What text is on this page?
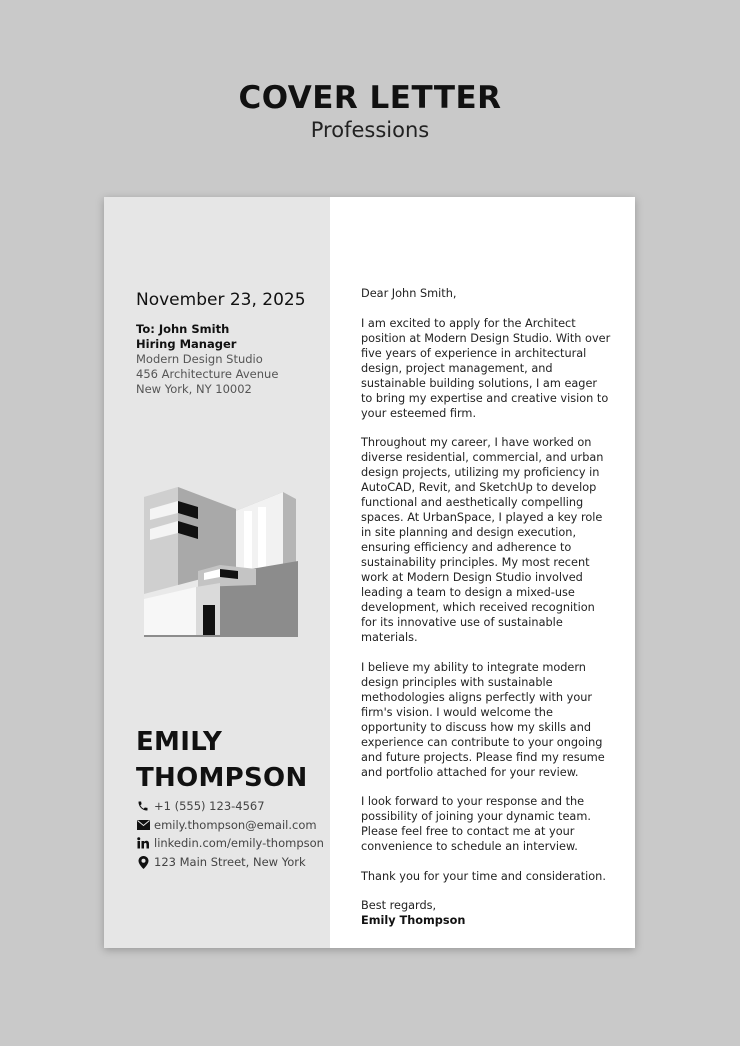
COVER LETTER
Professions
November 23, 2025
To: John Smith
Hiring Manager
Modern Design Studio
456 Architecture Avenue
New York, NY 10002
EMILY
THOMPSON
+1 (555) 123-4567
emily.thompson@email.com
linkedin.com/emily-thompson
123 Main Street, New York

Dear John Smith,

I am excited to apply for the Architect position at Modern Design Studio. With over five years of experience in architectural design, project management, and sustainable building solutions, I am eager to bring my expertise and creative vision to your esteemed firm.

Throughout my career, I have worked on diverse residential, commercial, and urban design projects, utilizing my proficiency in AutoCAD, Revit, and SketchUp to develop functional and aesthetically compelling spaces. At UrbanSpace, I played a key role in site planning and design execution, ensuring efficiency and adherence to sustainability principles. My most recent work at Modern Design Studio involved leading a team to design a mixed-use development, which received recognition for its innovative use of sustainable materials.

I believe my ability to integrate modern design principles with sustainable methodologies aligns perfectly with your firm's vision. I would welcome the opportunity to discuss how my skills and experience can contribute to your ongoing and future projects. Please find my resume and portfolio attached for your review.

I look forward to your response and the possibility of joining your dynamic team. Please feel free to contact me at your convenience to schedule an interview.

Thank you for your time and consideration.

Best regards,
Emily Thompson
